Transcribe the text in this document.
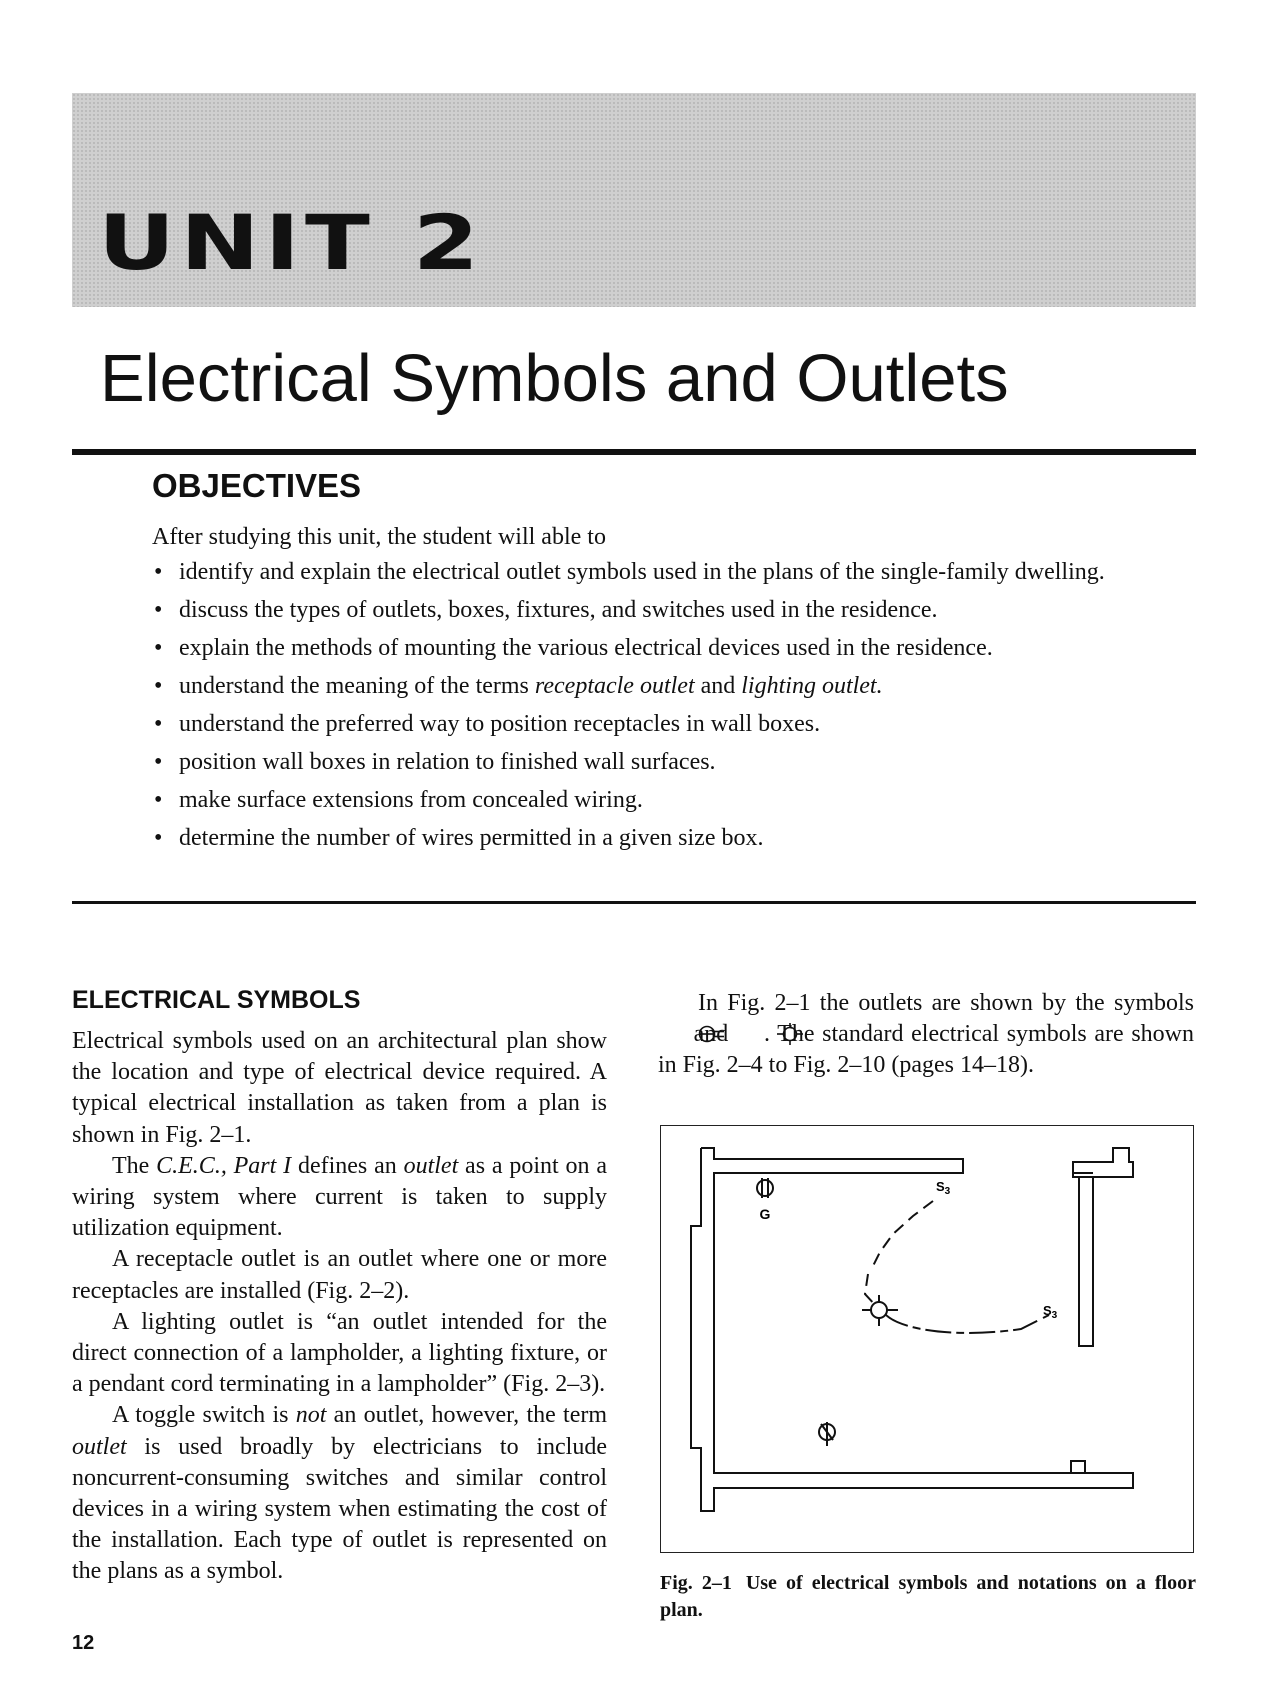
UNIT 2
Electrical Symbols and Outlets
OBJECTIVES
After studying this unit, the student will able to
• identify and explain the electrical outlet symbols used in the plans of the single-family dwelling.
• discuss the types of outlets, boxes, fixtures, and switches used in the residence.
• explain the methods of mounting the various electrical devices used in the residence.
• understand the meaning of the terms receptacle outlet and lighting outlet.
• understand the preferred way to position receptacles in wall boxes.
• position wall boxes in relation to finished wall surfaces.
• make surface extensions from concealed wiring.
• determine the number of wires permitted in a given size box.
ELECTRICAL SYMBOLS

Electrical symbols used on an architectural plan show the location and type of electrical device required. A typical electrical installation as taken from a plan is shown in Fig. 2–1.

The C.E.C., Part I defines an outlet as a point on a wiring system where current is taken to supply utilization equipment.

A receptacle outlet is an outlet where one or more receptacles are installed (Fig. 2–2).

A lighting outlet is “an outlet intended for the direct connection of a lampholder, a lighting fixture, or a pendant cord terminating in a lampholder” (Fig. 2–3).

A toggle switch is not an outlet, however, the term outlet is used broadly by electricians to include noncurrent-consuming switches and similar control devices in a wiring system when estimating the cost of the installation. Each type of outlet is represented on the plans as a symbol.

In Fig. 2–1 the outlets are shown by the symbols  and . The standard electrical symbols are shown in Fig. 2–4 to Fig. 2–10 (pages 14–18).

G
$S_3$
$S_3$
Fig. 2–1 Use of electrical symbols and notations on a floor plan.
12
